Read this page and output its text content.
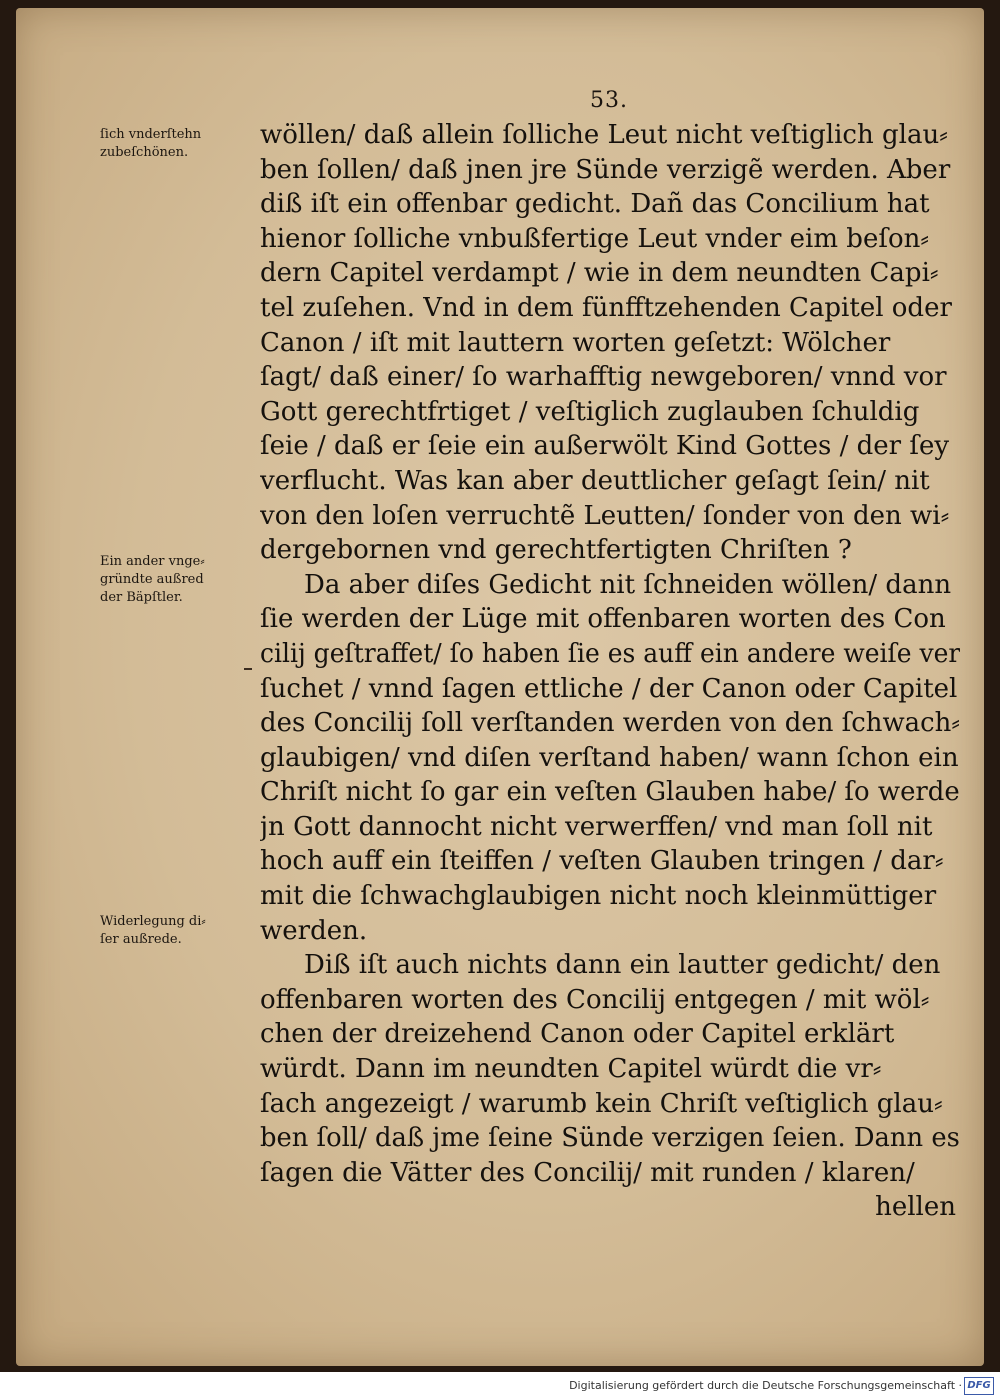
53.
ſich vnderſtehn
zubeſchönen.
Ein ander vnge⸗
gründte außred
der Bäpſtler.
Widerlegung di⸗
ſer außrede.
wöllen/ daß allein ſolliche Leut nicht veſtiglich glau⸗
ben ſollen/ daß jnen jre Sünde verzigẽ werden. Aber
diß iſt ein offenbar gedicht. Dañ das Concilium hat
hienor ſolliche vnbußfertige Leut vnder eim beſon⸗
dern Capitel verdampt / wie in dem neundten Capi⸗
tel zuſehen. Vnd in dem fünfftzehenden Capitel oder
Canon / iſt mit lauttern worten geſetzt: Wölcher
ſagt/ daß einer/ ſo warhafftig newgeboren/ vnnd vor
Gott gerechtfrtiget / veſtiglich zuglauben ſchuldig
ſeie / daß er ſeie ein außerwölt Kind Gottes / der ſey
verflucht. Was kan aber deuttlicher geſagt ſein/ nit
von den loſen verruchtẽ Leutten/ ſonder von den wi⸗
dergebornen vnd gerechtfertigten Chriſten ?
Da aber diſes Gedicht nit ſchneiden wöllen/ dann
ſie werden der Lüge mit offenbaren worten des Con
cilij geſtraffet/ ſo haben ſie es auff ein andere weiſe ver
ſuchet / vnnd ſagen ettliche / der Canon oder Capitel
des Concilij ſoll verſtanden werden von den ſchwach⸗
glaubigen/ vnd diſen verſtand haben/ wann ſchon ein
Chriſt nicht ſo gar ein veſten Glauben habe/ ſo werde
jn Gott dannocht nicht verwerffen/ vnd man ſoll nit
hoch auff ein ſteiffen / veſten Glauben tringen / dar⸗
mit die ſchwachglaubigen nicht noch kleinmüttiger
werden.
Diß iſt auch nichts dann ein lautter gedicht/ den
offenbaren worten des Concilij entgegen / mit wöl⸗
chen der dreizehend Canon oder Capitel erklärt
würdt. Dann im neundten Capitel würdt die vr⸗
ſach angezeigt / warumb kein Chriſt veſtiglich glau⸗
ben ſoll/ daß jme ſeine Sünde verzigen ſeien. Dann es
ſagen die Vätter des Concilij/ mit runden / klaren/
hellen
Digitalisierung gefördert durch die Deutsche Forschungsgemeinschaft · DFG
